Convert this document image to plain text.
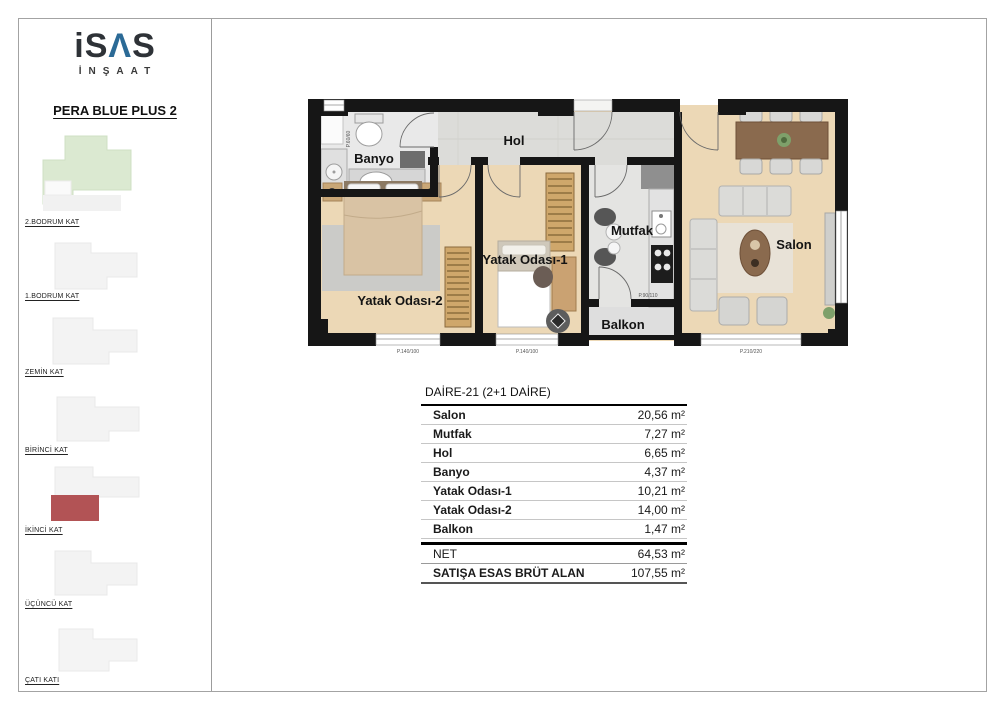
iSΛS
İNŞAAT
PERA BLUE PLUS 2
2.BODRUM KAT
1.BODRUM KAT
ZEMİN KAT
BİRİNCİ KAT
İKİNCİ KAT
ÜÇÜNCÜ KAT
ÇATI KATI
Banyo
Hol
Yatak Odası-1
Yatak Odası-2
Mutfak
Salon
Balkon
P.140/100	P.140/100	P.210/220
P.90/110
P.60/60
DAİRE-21 (2+1 DAİRE)
Salon	20,56 m²
Mutfak	7,27 m²
Hol	6,65 m²
Banyo	4,37 m²
Yatak Odası-1	10,21 m²
Yatak Odası-2	14,00 m²
Balkon	1,47 m²
NET	64,53 m²
SATIŞA ESAS BRÜT ALAN	107,55 m²
